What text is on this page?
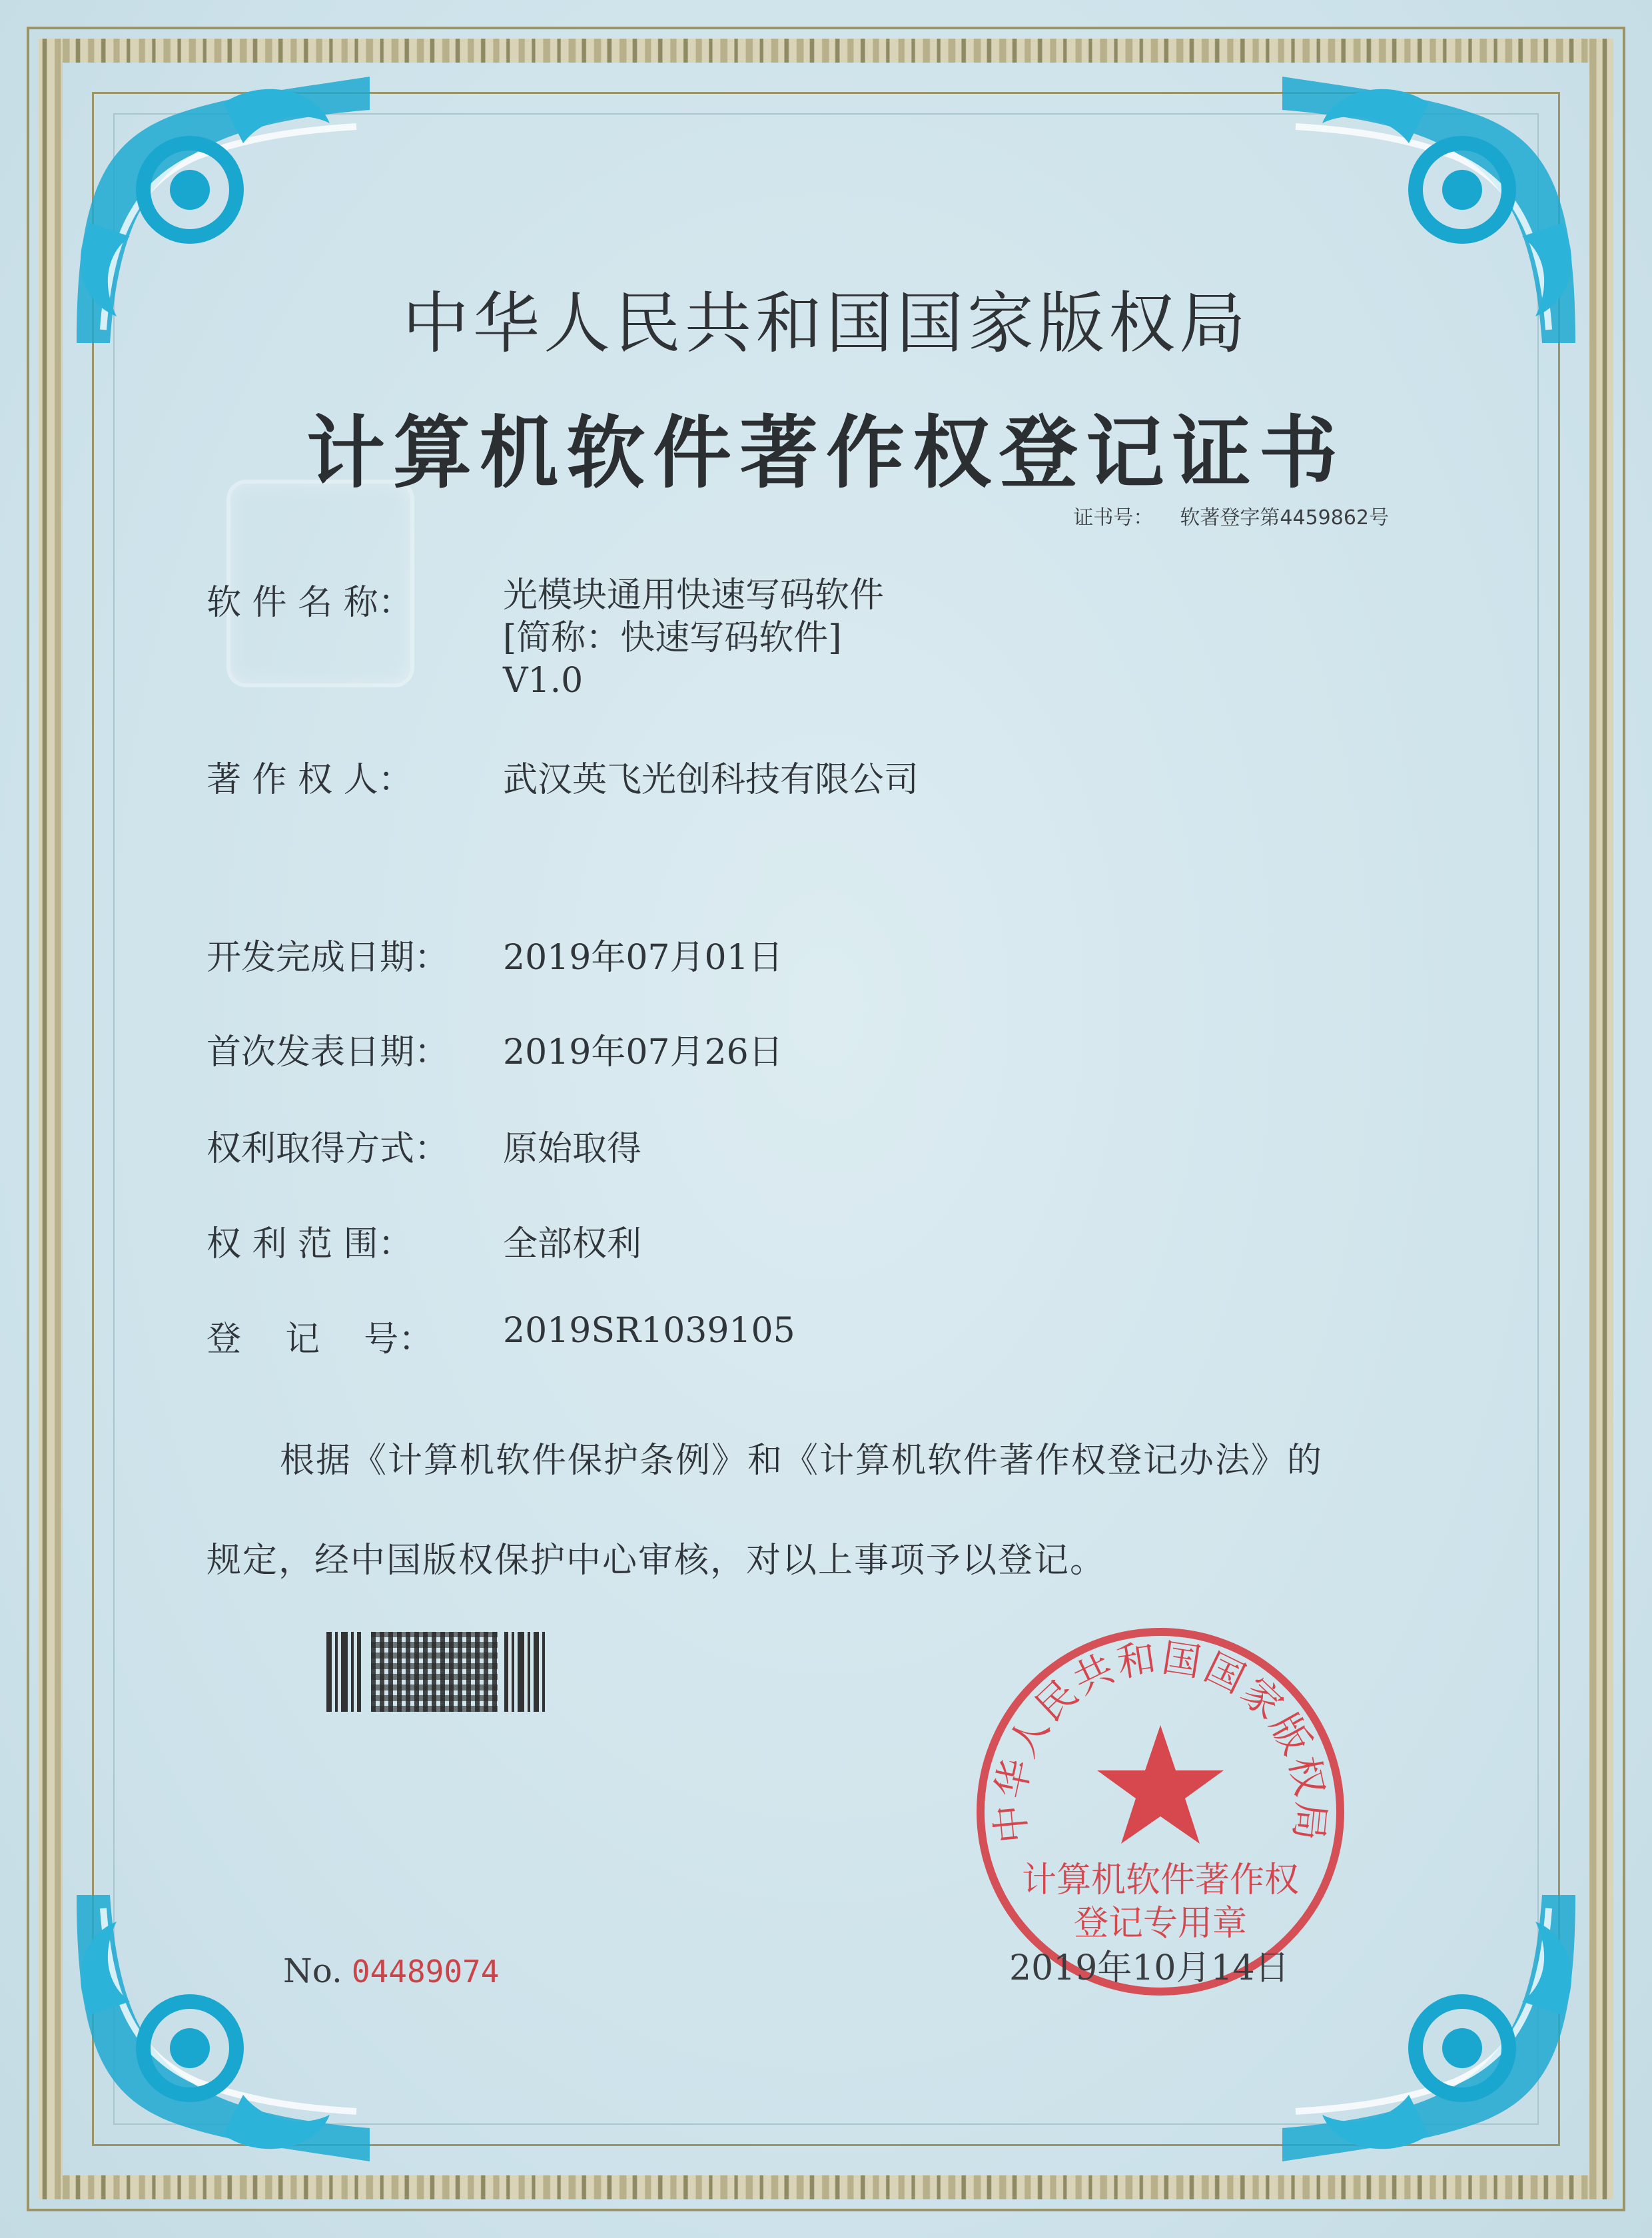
中华人民共和国国家版权局
计算机软件著作权登记证书
证书号： 软著登字第4459862号
软 件 名 称：	光模块通用快速写码软件
[简称：快速写码软件]
V1.0
著 作 权 人：	武汉英飞光创科技有限公司
开发完成日期： 2019年07月01日
首次发表日期： 2019年07月26日
权利取得方式： 原始取得
权 利 范 围：	全部权利
登    记    号： 2019SR1039105
根据《计算机软件保护条例》和《计算机软件著作权登记办法》的
规定，经中国版权保护中心审核，对以上事项予以登记。
中华人民共和国国家版权局
计算机软件著作权
登记专用章
No. 04489074	2019年10月14日
